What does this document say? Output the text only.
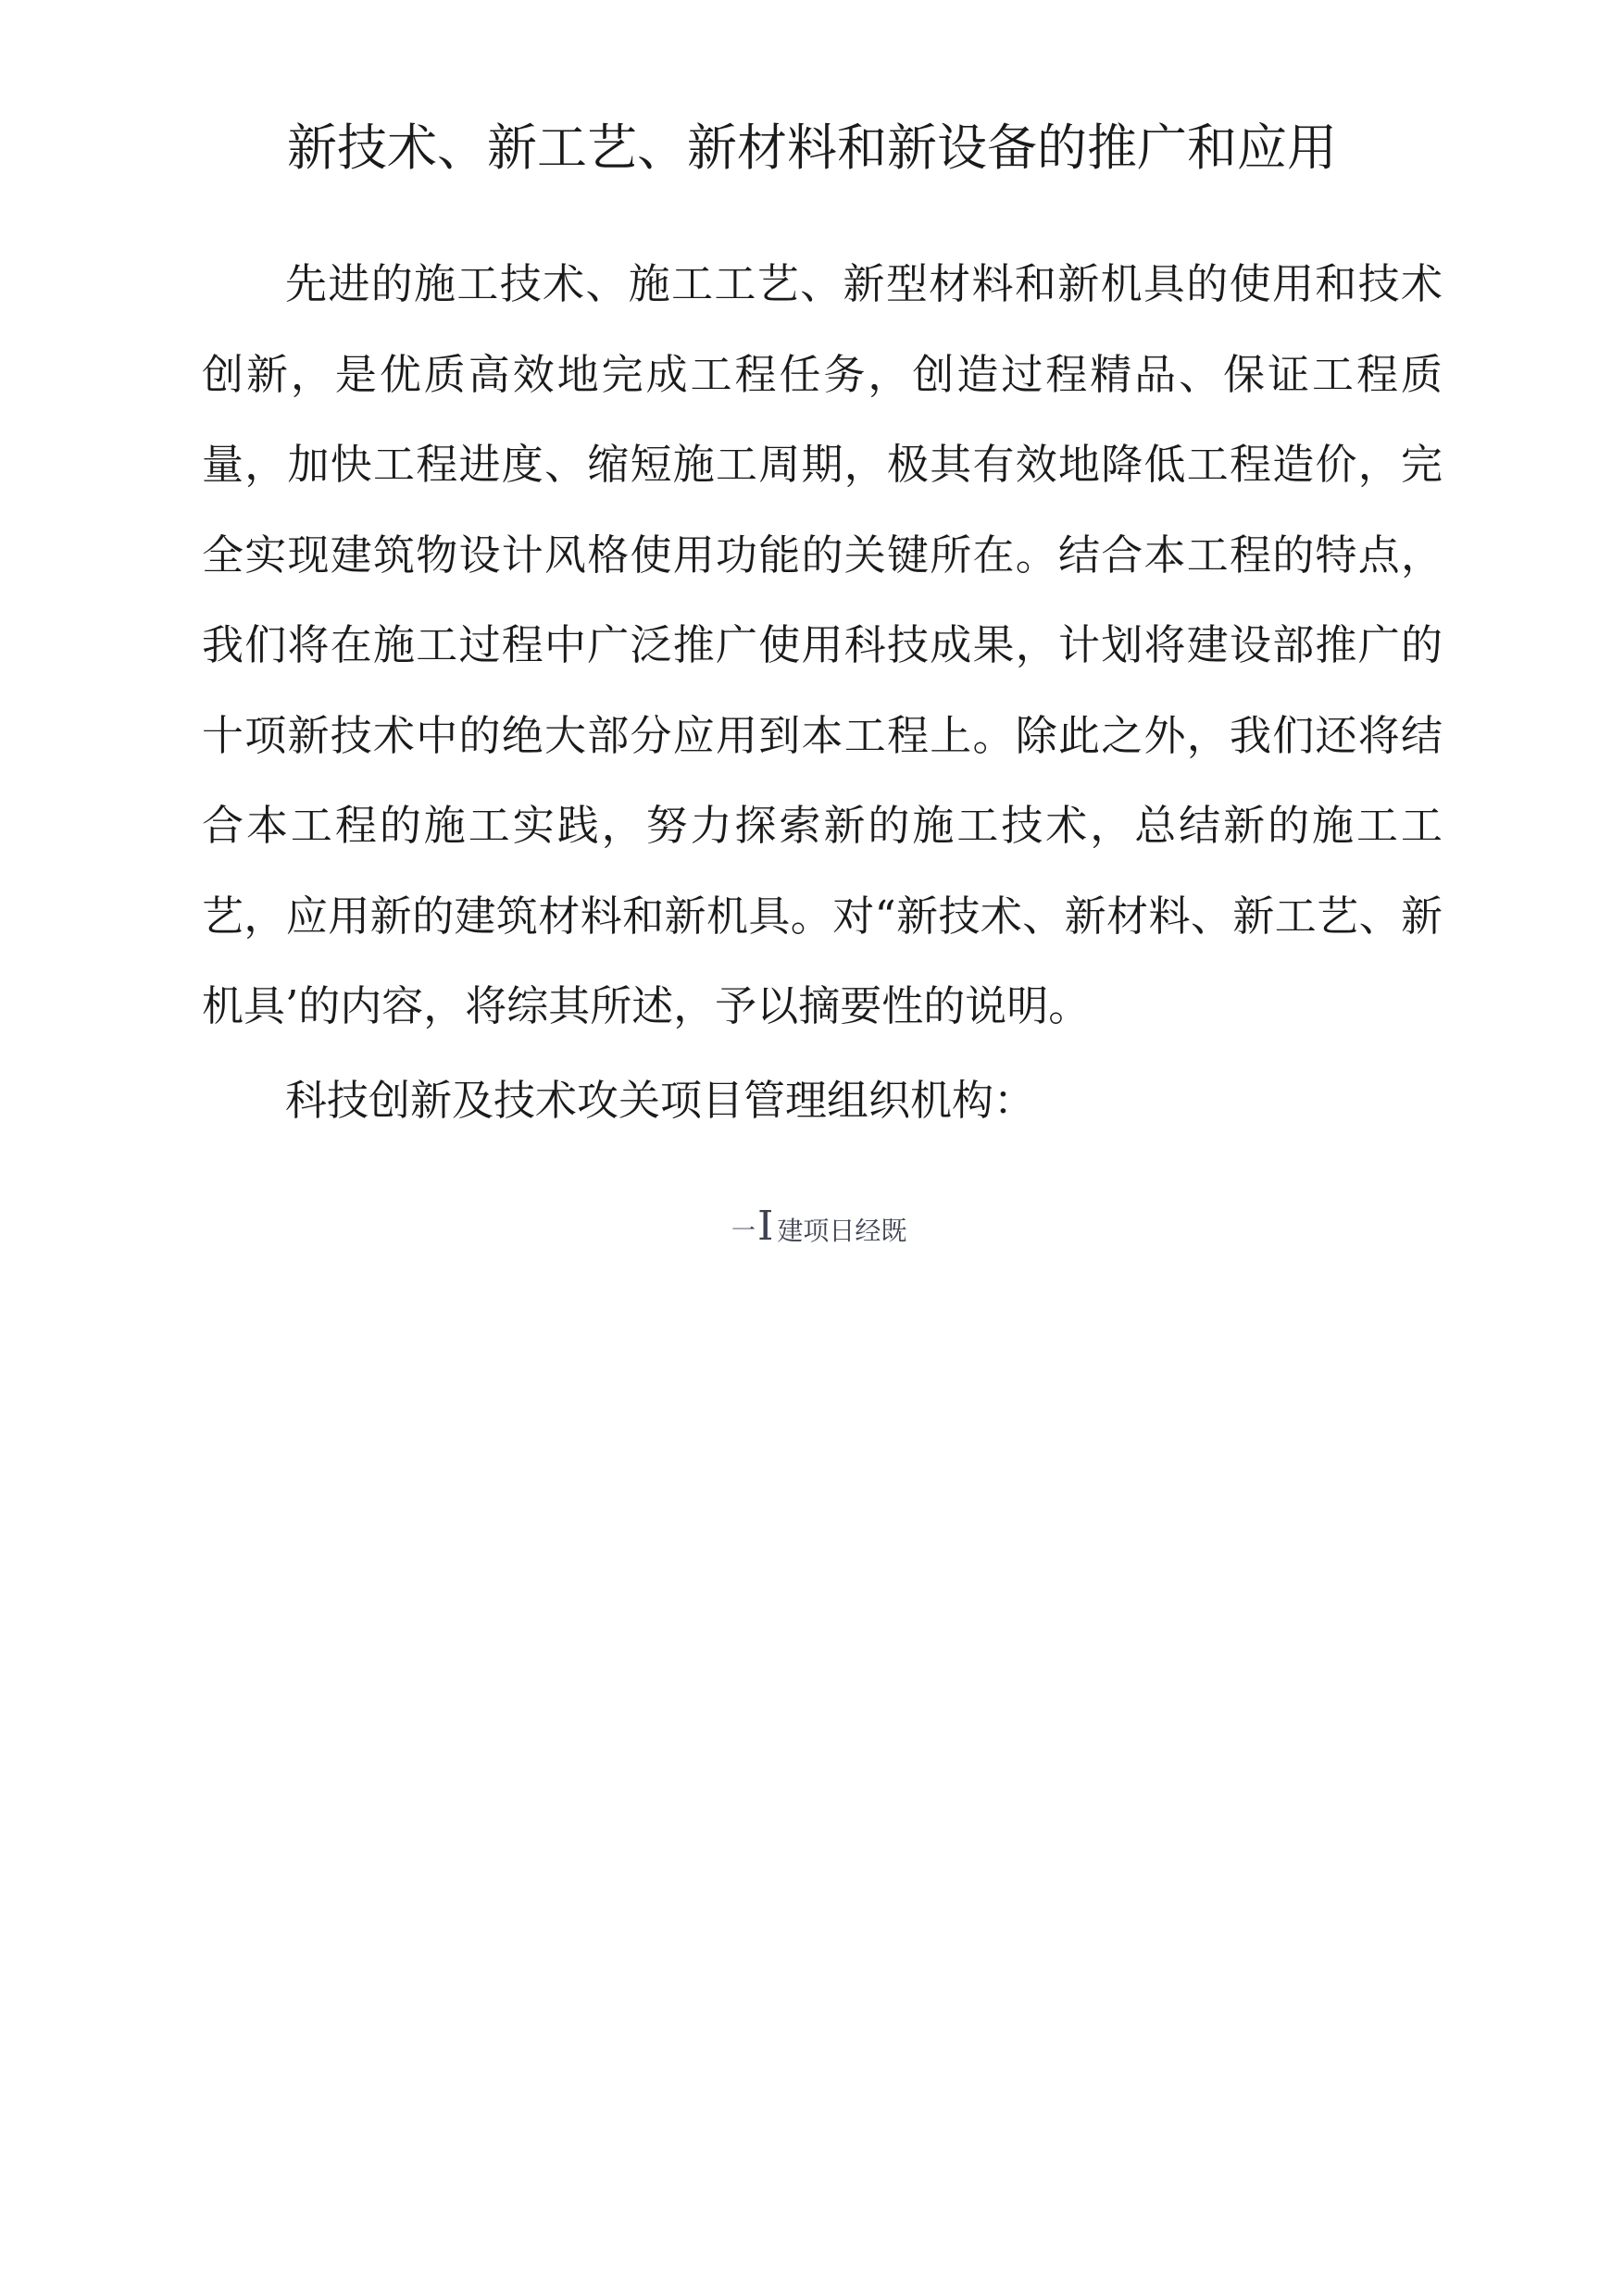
新技术、新工艺、新材料和新设备的推广和应用

先进的施工技术、施工工艺、新型材料和新机具的使用和技术创新，是优质高效地完成工程任务，创造过程精品、保证工程质量，加快工程进度、缩短施工周期，极其有效地降低工程造价，完全实现建筑物设计风格使用功能的关键所在。结合本工程的特点，我们将在施工过程中广泛推广使用科技成果，计划将建设部推广的十项新技术中的绝大部分应用到本工程上。除此之外，我们还将结合本工程的施工实践，努力探索新的施工技术，总结新的施工工艺，应用新的建筑材料和新机具。对“新技术、新材料、新工艺、新机具’的内容，将综其所述，予以摘要性的说明。

科技创新及技术攻关项目管理组织机构：

一 I 建项日经既
